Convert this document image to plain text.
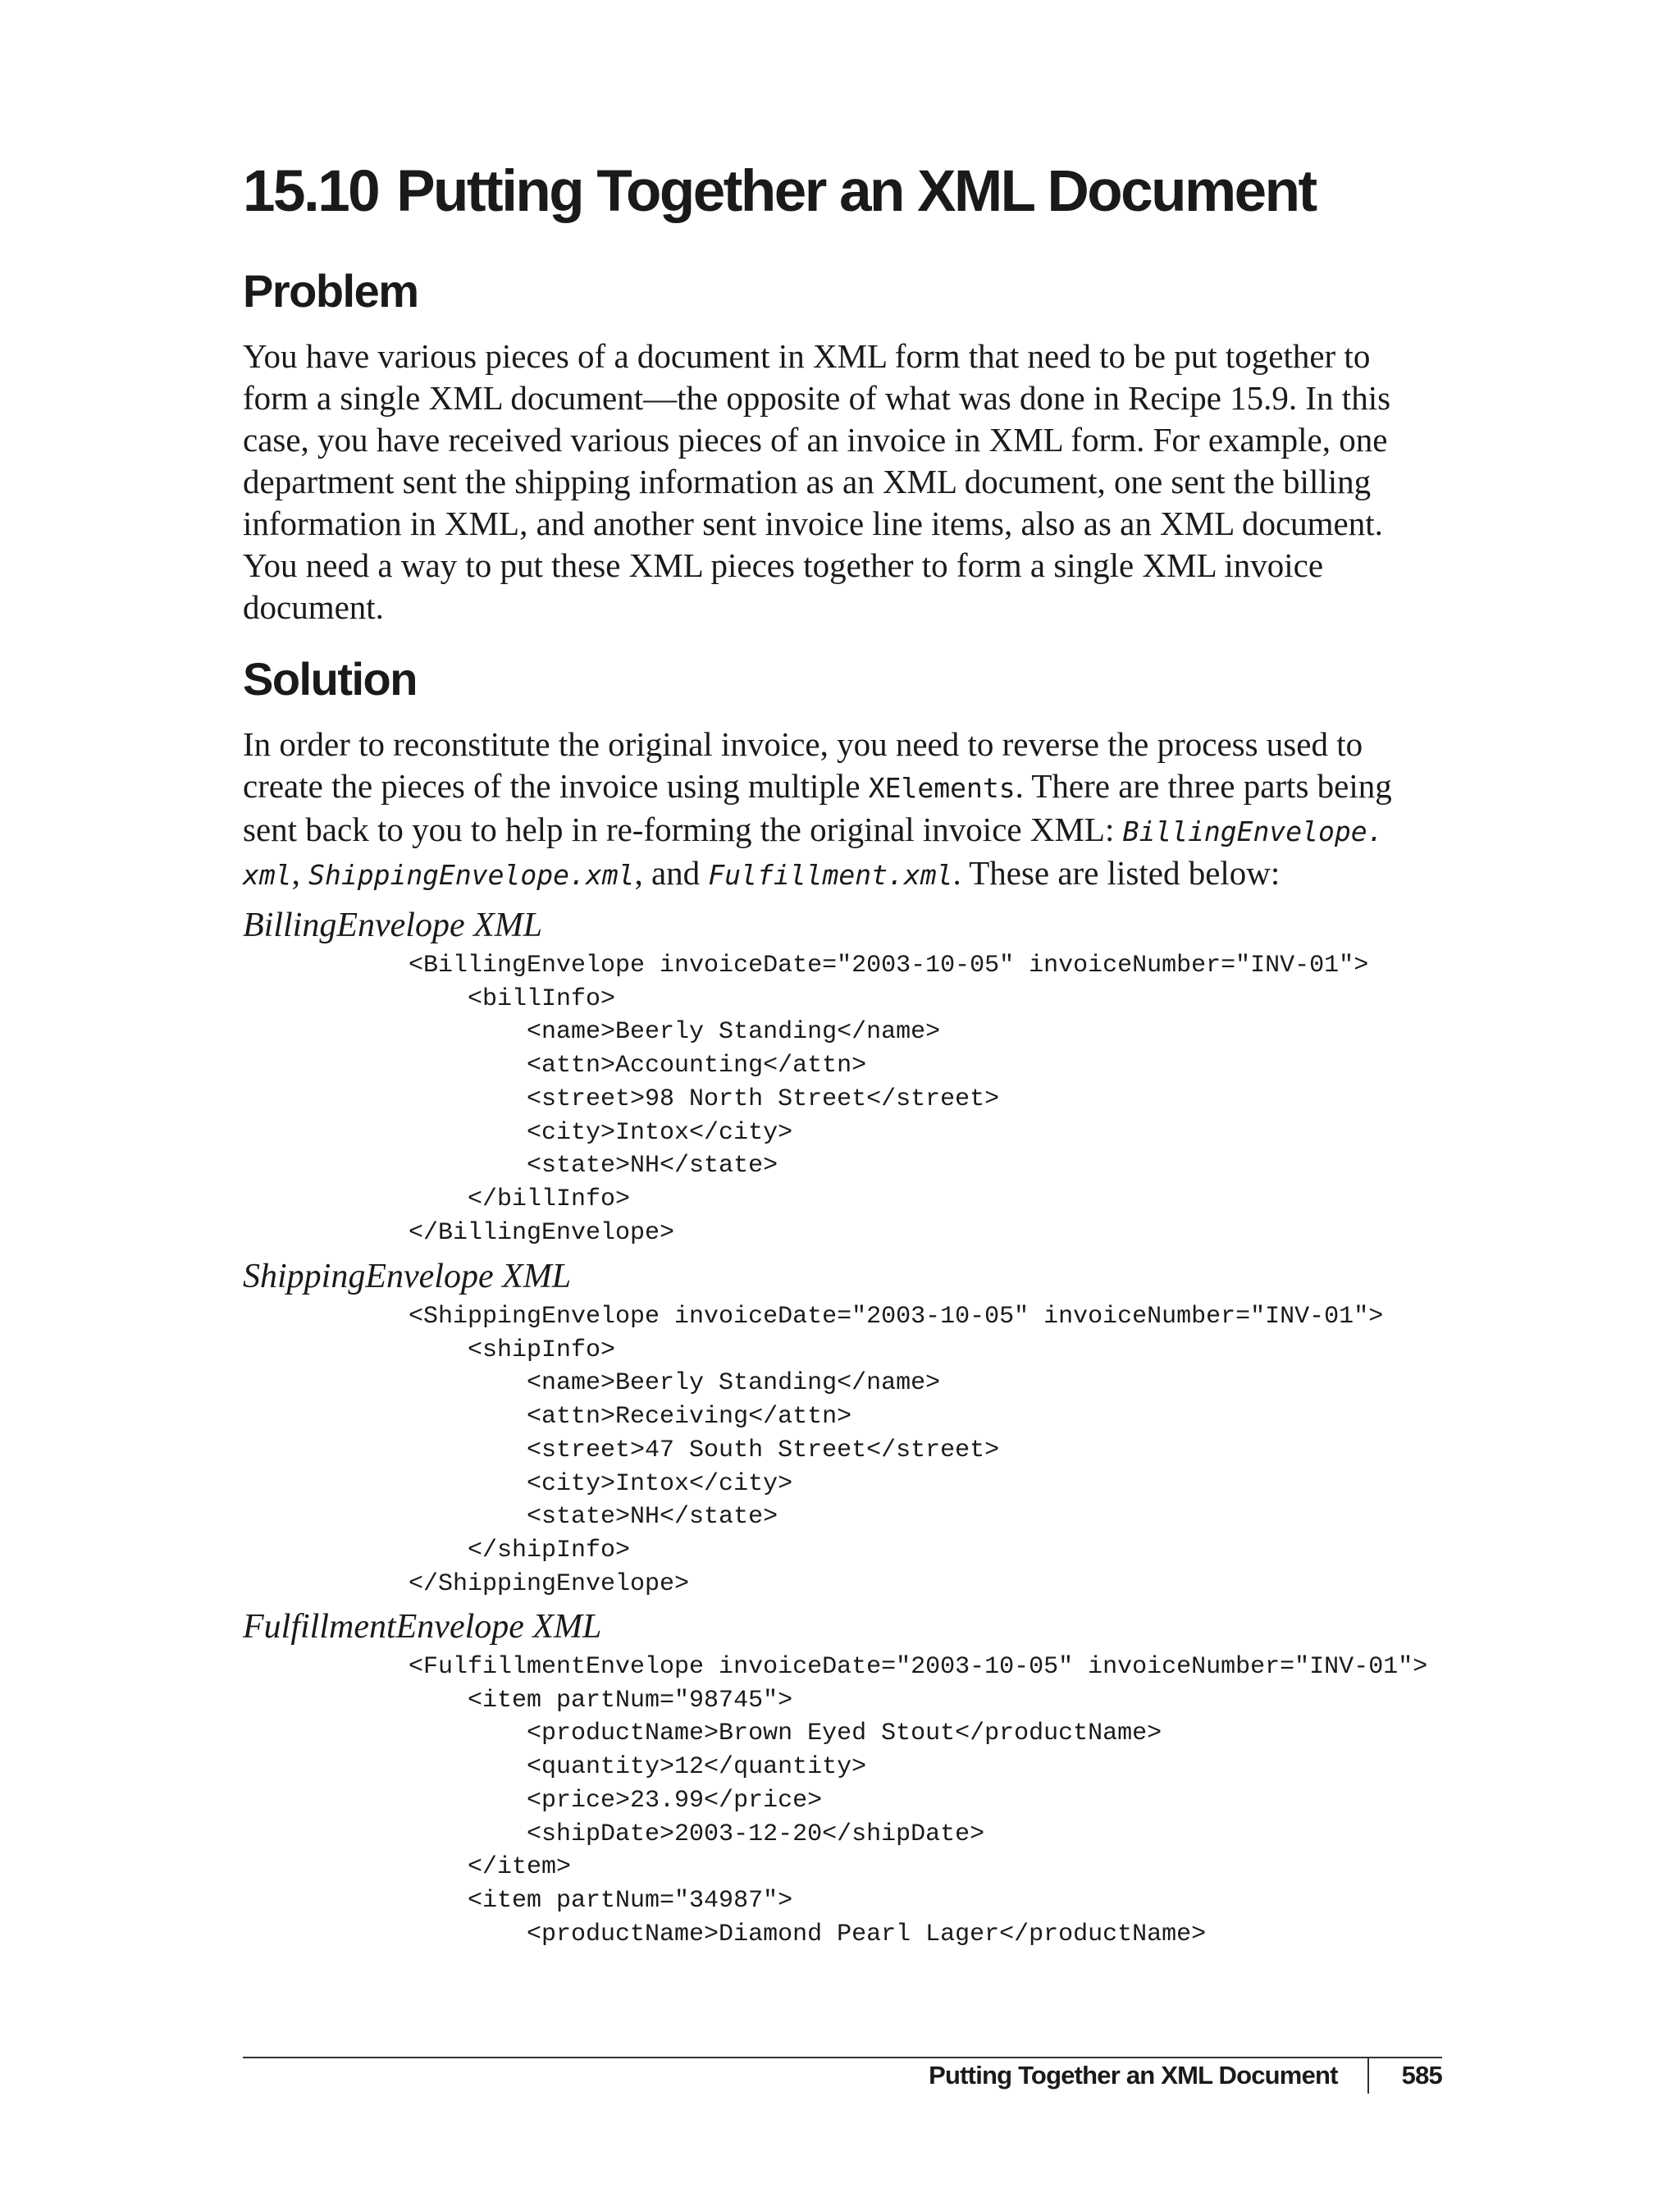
15.10 Putting Together an XML Document
Problem
You have various pieces of a document in XML form that need to be put together to
form a single XML document—the opposite of what was done in Recipe 15.9. In this
case, you have received various pieces of an invoice in XML form. For example, one
department sent the shipping information as an XML document, one sent the billing
information in XML, and another sent invoice line items, also as an XML document.
You need a way to put these XML pieces together to form a single XML invoice
document.
Solution
In order to reconstitute the original invoice, you need to reverse the process used to
create the pieces of the invoice using multiple XElements. There are three parts being
sent back to you to help in re-forming the original invoice XML: BillingEnvelope.
xml, ShippingEnvelope.xml, and Fulfillment.xml. These are listed below:
BillingEnvelope XML
<BillingEnvelope invoiceDate="2003-10-05" invoiceNumber="INV-01">
<billInfo>
<name>Beerly Standing</name>
<attn>Accounting</attn>
<street>98 North Street</street>
<city>Intox</city>
<state>NH</state>
</billInfo>
</BillingEnvelope>
ShippingEnvelope XML
<ShippingEnvelope invoiceDate="2003-10-05" invoiceNumber="INV-01">
<shipInfo>
<name>Beerly Standing</name>
<attn>Receiving</attn>
<street>47 South Street</street>
<city>Intox</city>
<state>NH</state>
</shipInfo>
</ShippingEnvelope>
FulfillmentEnvelope XML
<FulfillmentEnvelope invoiceDate="2003-10-05" invoiceNumber="INV-01">
<item partNum="98745">
<productName>Brown Eyed Stout</productName>
<quantity>12</quantity>
<price>23.99</price>
<shipDate>2003-12-20</shipDate>
</item>
<item partNum="34987">
<productName>Diamond Pearl Lager</productName>
Putting Together an XML Document	585
